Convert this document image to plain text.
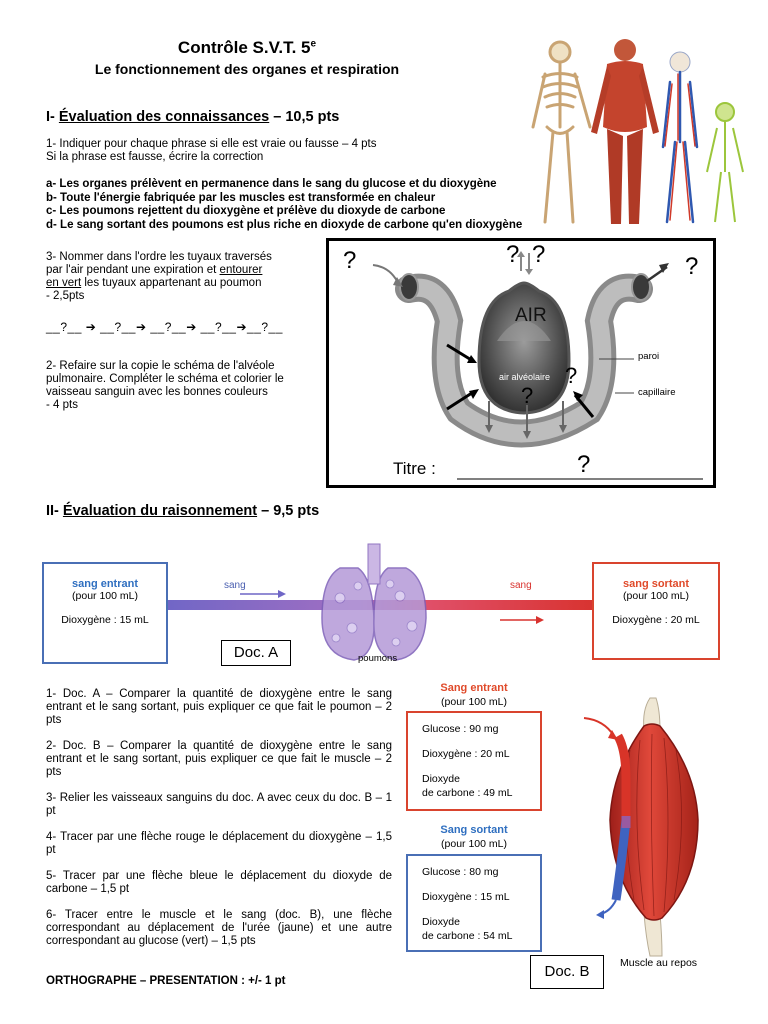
Contrôle S.V.T. 5e
Le fonctionnement des organes et respiration
I- Évaluation des connaissances – 10,5 pts
1- Indiquer pour chaque phrase si elle est vraie ou fausse – 4 pts
Si la phrase est fausse, écrire la correction
a- Les organes prélèvent en permanence dans le sang du glucose et du dioxygène
b- Toute l'énergie fabriquée par les muscles est transformée en chaleur
c- Les poumons rejettent du dioxygène et prélève du dioxyde de carbone
d- Le sang sortant des poumons est plus riche en dioxyde de carbone qu'en dioxygène
3- Nommer dans l'ordre les tuyaux traversés
par l'air pendant une expiration et entourer
en vert les tuyaux appartenant au poumon
- 2,5pts
__?__ ➔ __?__➔ __?__➔ __?__➔__?__
2- Refaire sur la copie le schéma de l'alvéole
pulmonaire. Compléter le schéma et colorier le
vaisseau sanguin avec les bonnes couleurs
- 4 pts
?	? ?	?
AIR
air alvéolaire
paroi
capillaire
?
?
Titre :	?
II- Évaluation du raisonnement – 9,5 pts
sang	sang
poumons
sang entrant
(pour 100 mL)
Dioxygène : 15 mL
sang sortant
(pour 100 mL)
Dioxygène : 20 mL
Doc. A
1- Doc. A – Comparer la quantité de dioxygène entre le sang entrant et le sang sortant, puis expliquer ce que fait le poumon – 2 pts
2- Doc. B – Comparer la quantité de dioxygène entre le sang entrant et le sang sortant, puis expliquer ce que fait le muscle – 2 pts
3- Relier les vaisseaux sanguins du doc. A avec ceux du doc. B – 1 pt
4- Tracer par une flèche rouge le déplacement du dioxygène – 1,5 pt
5- Tracer par une flèche bleue le déplacement du dioxyde de carbone – 1,5 pt
6- Tracer entre le muscle et le sang (doc. B), une flèche correspondant au déplacement de l'urée (jaune) et une autre correspondant au glucose (vert) – 1,5 pts
ORTHOGRAPHE – PRESENTATION : +/- 1 pt
Sang entrant
(pour 100 mL)
Glucose : 90 mg
Dioxygène : 20 mL
Dioxyde
de carbone : 49 mL
Sang sortant
(pour 100 mL)
Glucose : 80 mg
Dioxygène : 15 mL
Dioxyde
de carbone : 54 mL
Muscle au repos
Doc. B
